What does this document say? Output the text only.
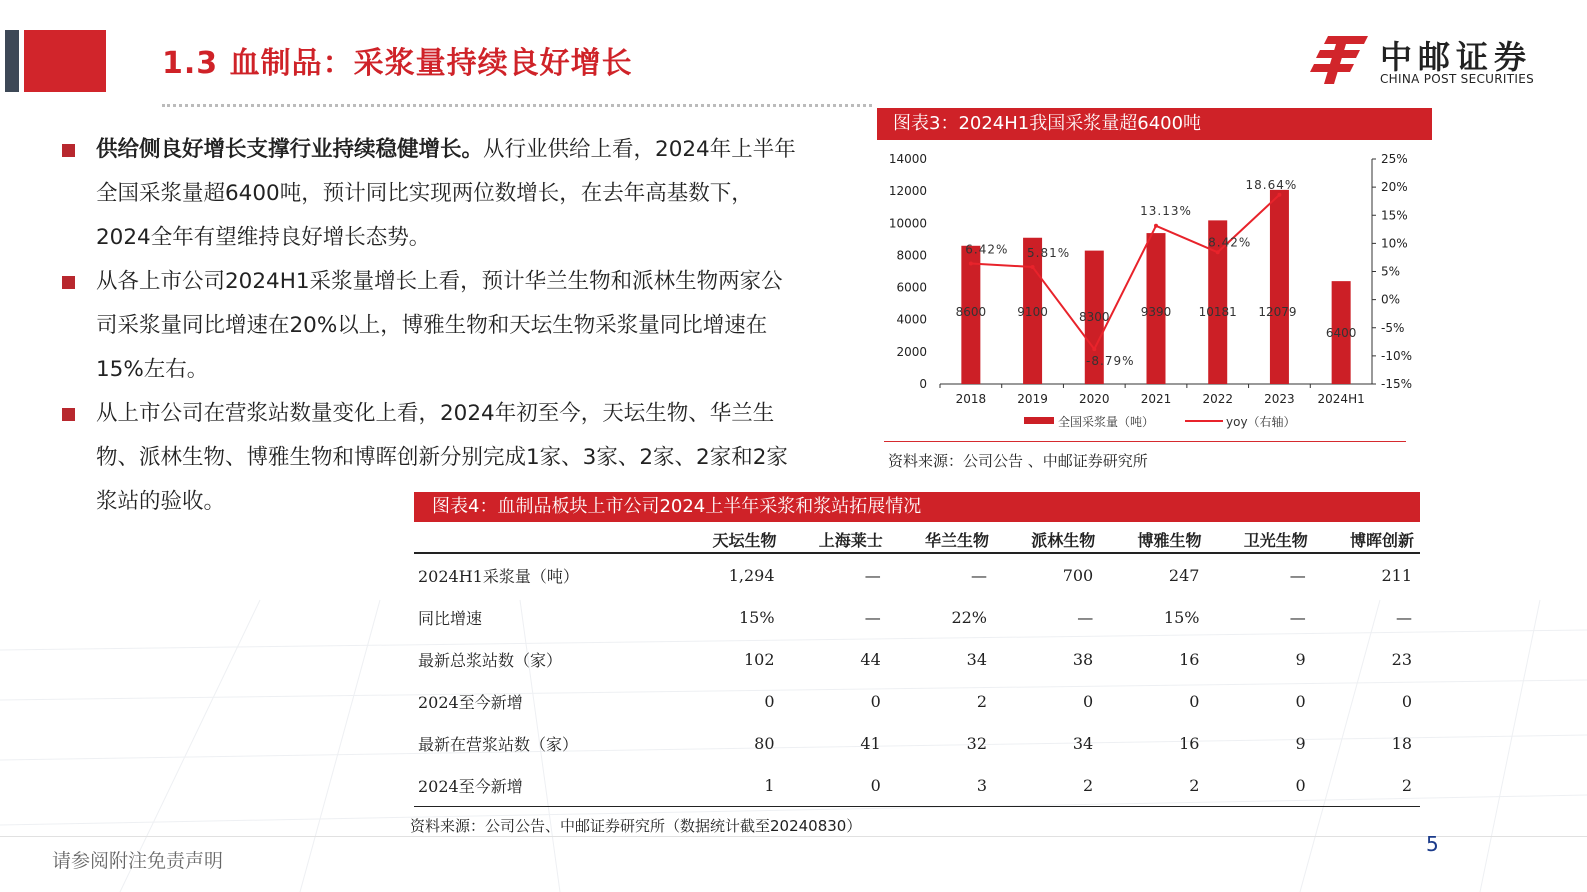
1.3 血制品：采浆量持续良好增长	中邮证券
CHINA POST SECURITIES
供给侧良好增长支撑行业持续稳健增长。从行业供给上看，2024年上半年全国采浆量超6400吨，预计同比实现两位数增长，在去年高基数下，2024全年有望维持良好增长态势。
从各上市公司2024H1采浆量增长上看，预计华兰生物和派林生物两家公司采浆量同比增速在20%以上，博雅生物和天坛生物采浆量同比增速在15%左右。
从上市公司在营浆站数量变化上看，2024年初至今，天坛生物、华兰生物、派林生物、博雅生物和博晖创新分别完成1家、3家、2家、2家和2家浆站的验收。
图表3：2024H1我国采浆量超6400吨
0
2000
4000
6000
8000
10000
12000
14000
-15%
-10%
-5%
0%
5%
10%
15%
20%
25%
2018	2019	2020	2021	2022	2023 2024H1
8600	9100	8300	9390 10181 12079
6400
6.42% 5.81%
-8.79%
13.13%
8.42%
18.64%
全国采浆量（吨）	yoy（右轴）
资料来源：公司公告 、中邮证券研究所
图表4：血制品板块上市公司2024上半年采浆和浆站拓展情况
	天坛生物	上海莱士	华兰生物	派林生物	博雅生物	卫光生物	博晖创新
2024H1采浆量（吨）	1,294	—	—	700	247	—	211
同比增速	15%	—	22%	—	15%	—	—
最新总浆站数（家）	102	44	34	38	16	9	23
2024至今新增	0	0	2	0	0	0	0
最新在营浆站数（家）	80	41	32	34	16	9	18
2024至今新增	1	0	3	2	2	0	2
资料来源：公司公告、中邮证券研究所（数据统计截至20240830）
请参阅附注免责声明
5
